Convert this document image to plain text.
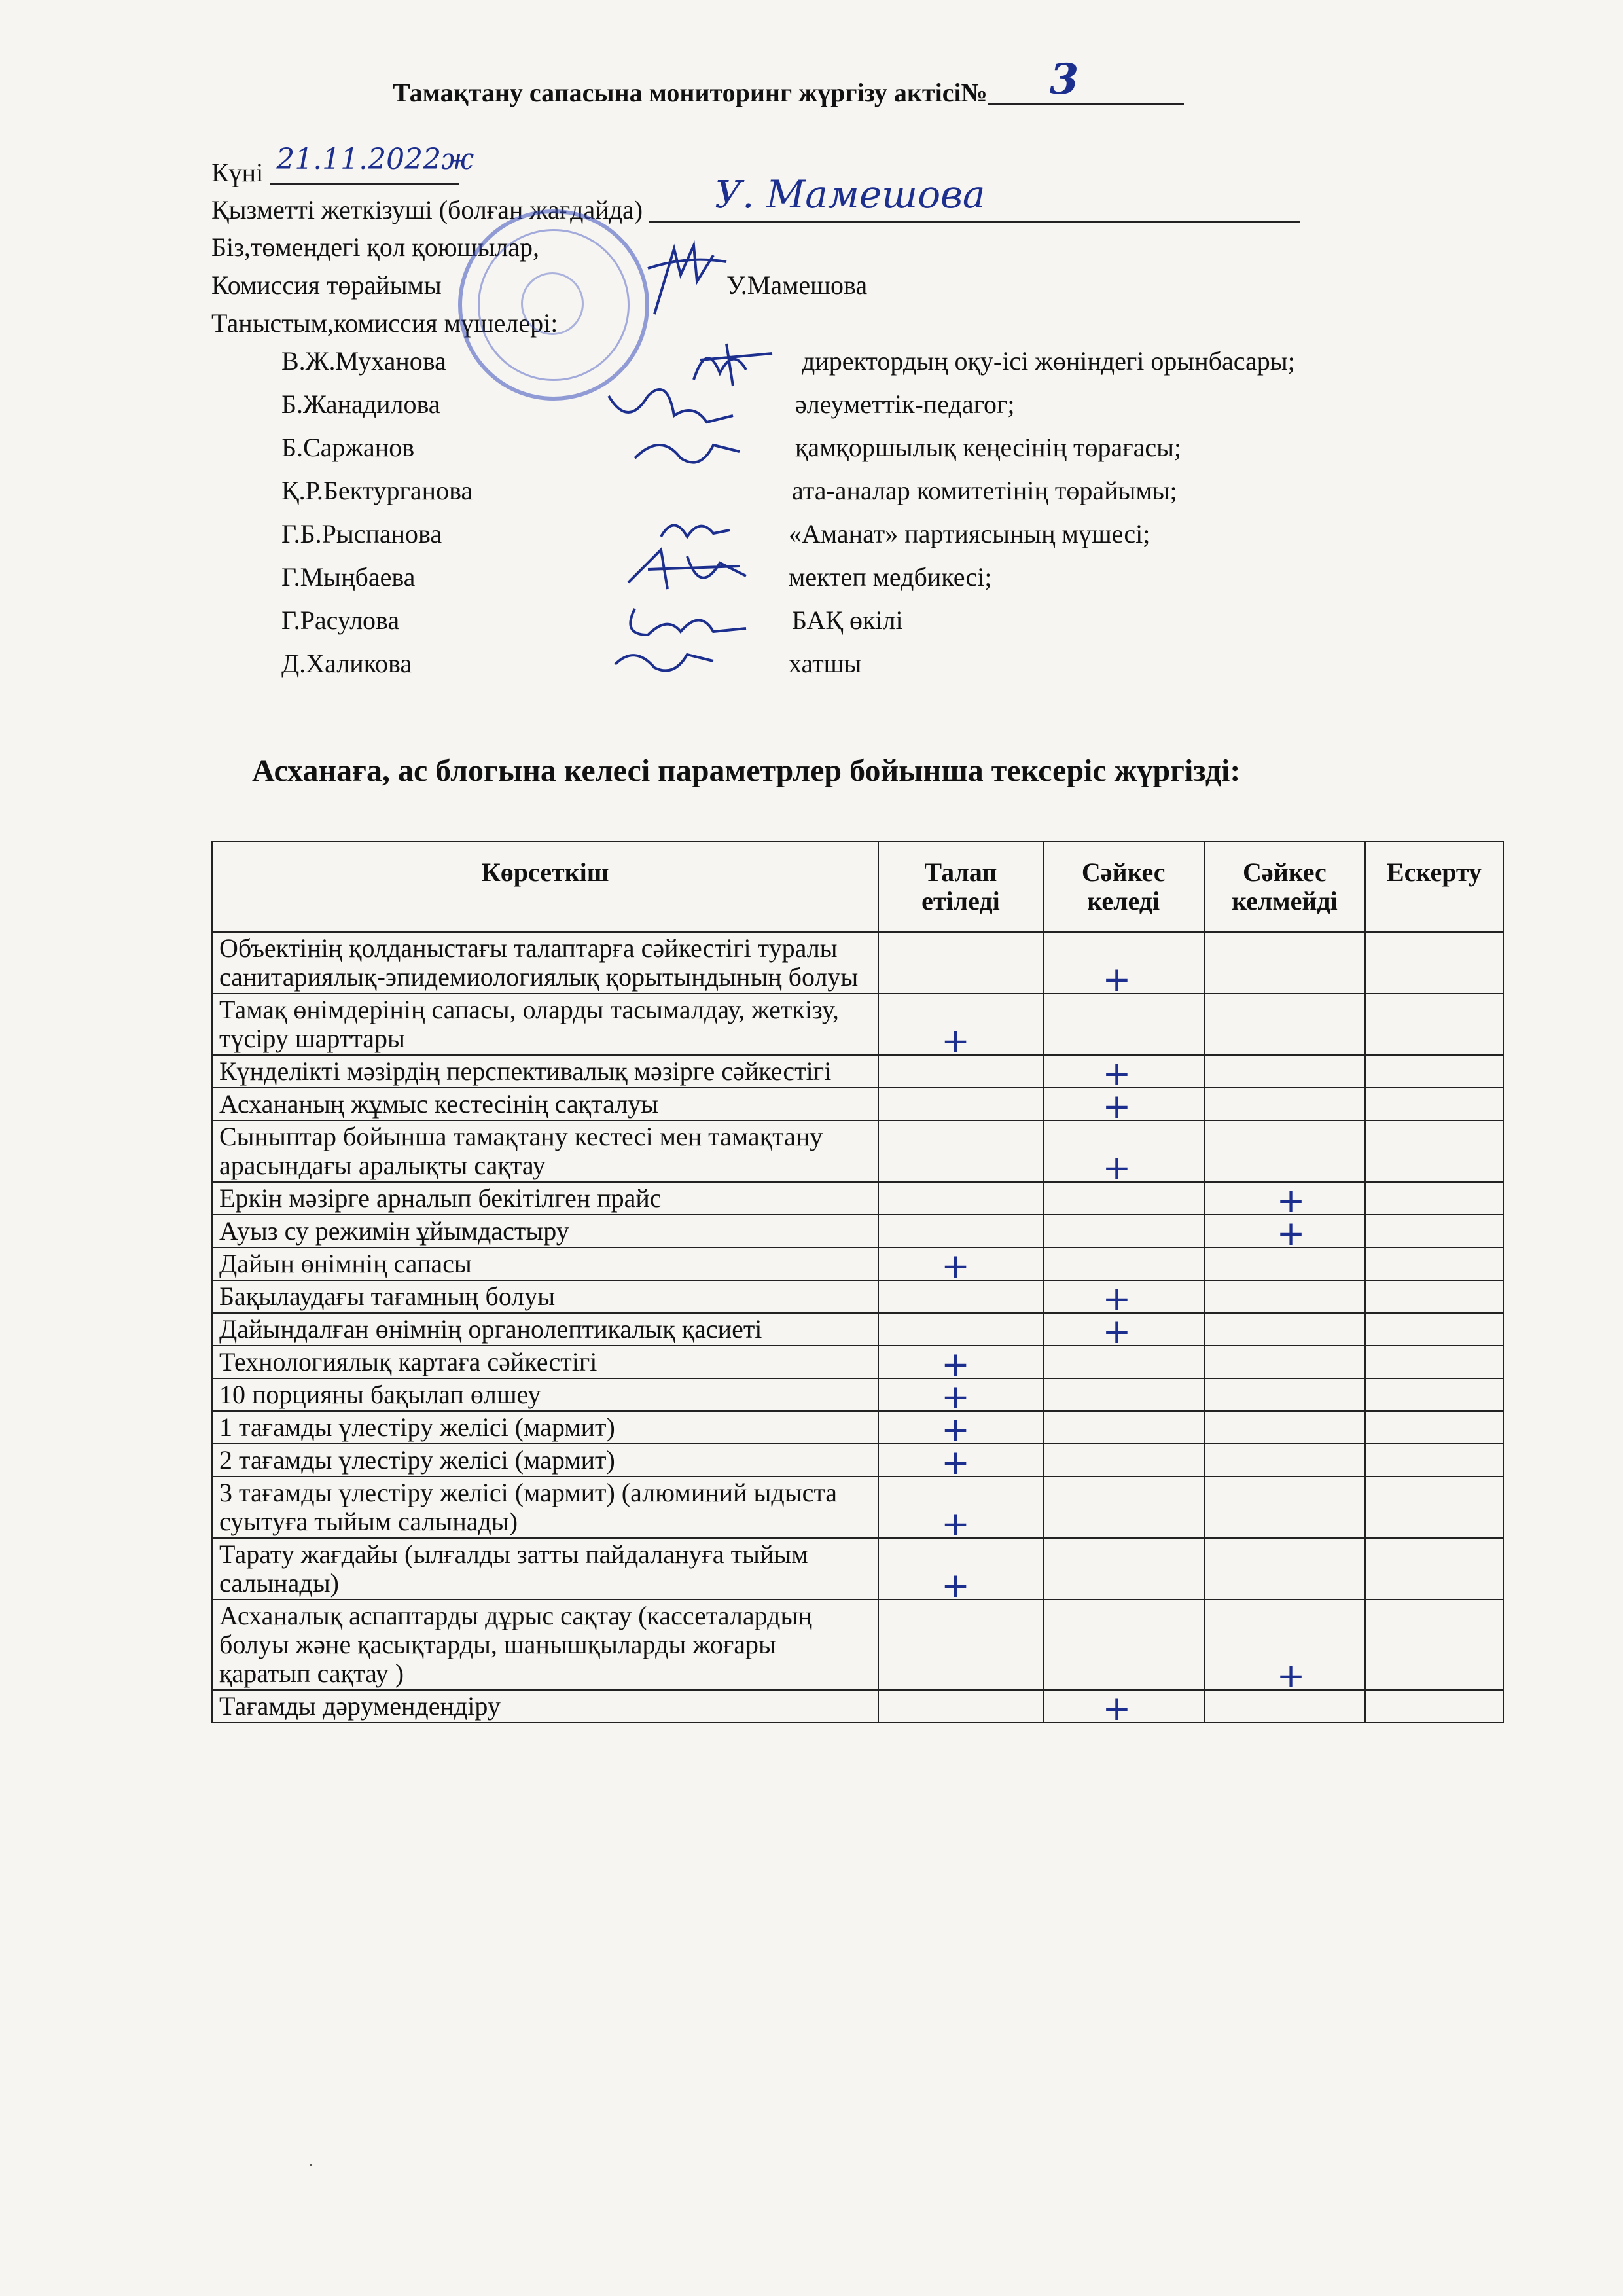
Тамақтану сапасына мониторинг жүргізу актісі№ 3
Күні 21.11.2022ж
Қызметті жеткізуші (болған жағдайда) У. Мамешова
Біз,төмендегі қол қоюшылар,
Комиссия төрайымы	У.Мамешова
Таныстым,комиссия мүшелері:
В.Ж.Муханова	директордың оқу-ісі жөніндегі орынбасары;
Б.Жанадилова	әлеуметтік-педагог;
Б.Саржанов	қамқоршылық кеңесінің төрағасы;
Қ.Р.Бектурганова	ата-аналар комитетінің төрайымы;
Г.Б.Рыспанова	«Аманат» партиясының мүшесі;
Г.Мыңбаева	мектеп медбикесі;
Г.Расулова	БАҚ өкілі
Д.Халикова	хатшы
Асханаға, ас блогына келесі параметрлер бойынша тексеріс жүргізді:
Көрсеткіш	Талап етіледі	Сәйкес келеді	Сәйкес келмейді	Ескерту
Объектінің қолданыстағы талаптарға сәйкестігі туралы санитариялық-эпидемиологиялық қорытындының болуы		+		

Тамақ өнімдерінің сапасы, оларды тасымалдау, жеткізу, түсіру шарттары	+			

Күнделікті мәзірдің перспективалық мәзірге сәйкестігі		+		

Асхананың жұмыс кестесінің сақталуы		+		

Сыныптар бойынша тамақтану кестесі мен тамақтану арасындағы аралықты сақтау		+		

Еркін мәзірге арналып бекітілген прайс			+	

Ауыз су режимін ұйымдастыру			+	

Дайын өнімнің сапасы	+			

Бақылаудағы тағамның болуы		+		

Дайындалған өнімнің органолептикалық қасиеті		+		

Технологиялық картаға сәйкестігі	+			

10 порцияны бақылап өлшеу	+			

1 тағамды үлестіру желісі (мармит)	+			

2 тағамды үлестіру желісі (мармит)	+			

3 тағамды үлестіру желісі (мармит) (алюминий ыдыста суытуға тыйым салынады)	+			

Тарату жағдайы (ылғалды затты пайдалануға тыйым салынады)	+			

Асханалық аспаптарды дұрыс сақтау (кассеталардың болуы және қасықтарды, шанышқыларды жоғары қаратып сақтау )			+	

Тағамды дәрумендендіру		+		

˙
